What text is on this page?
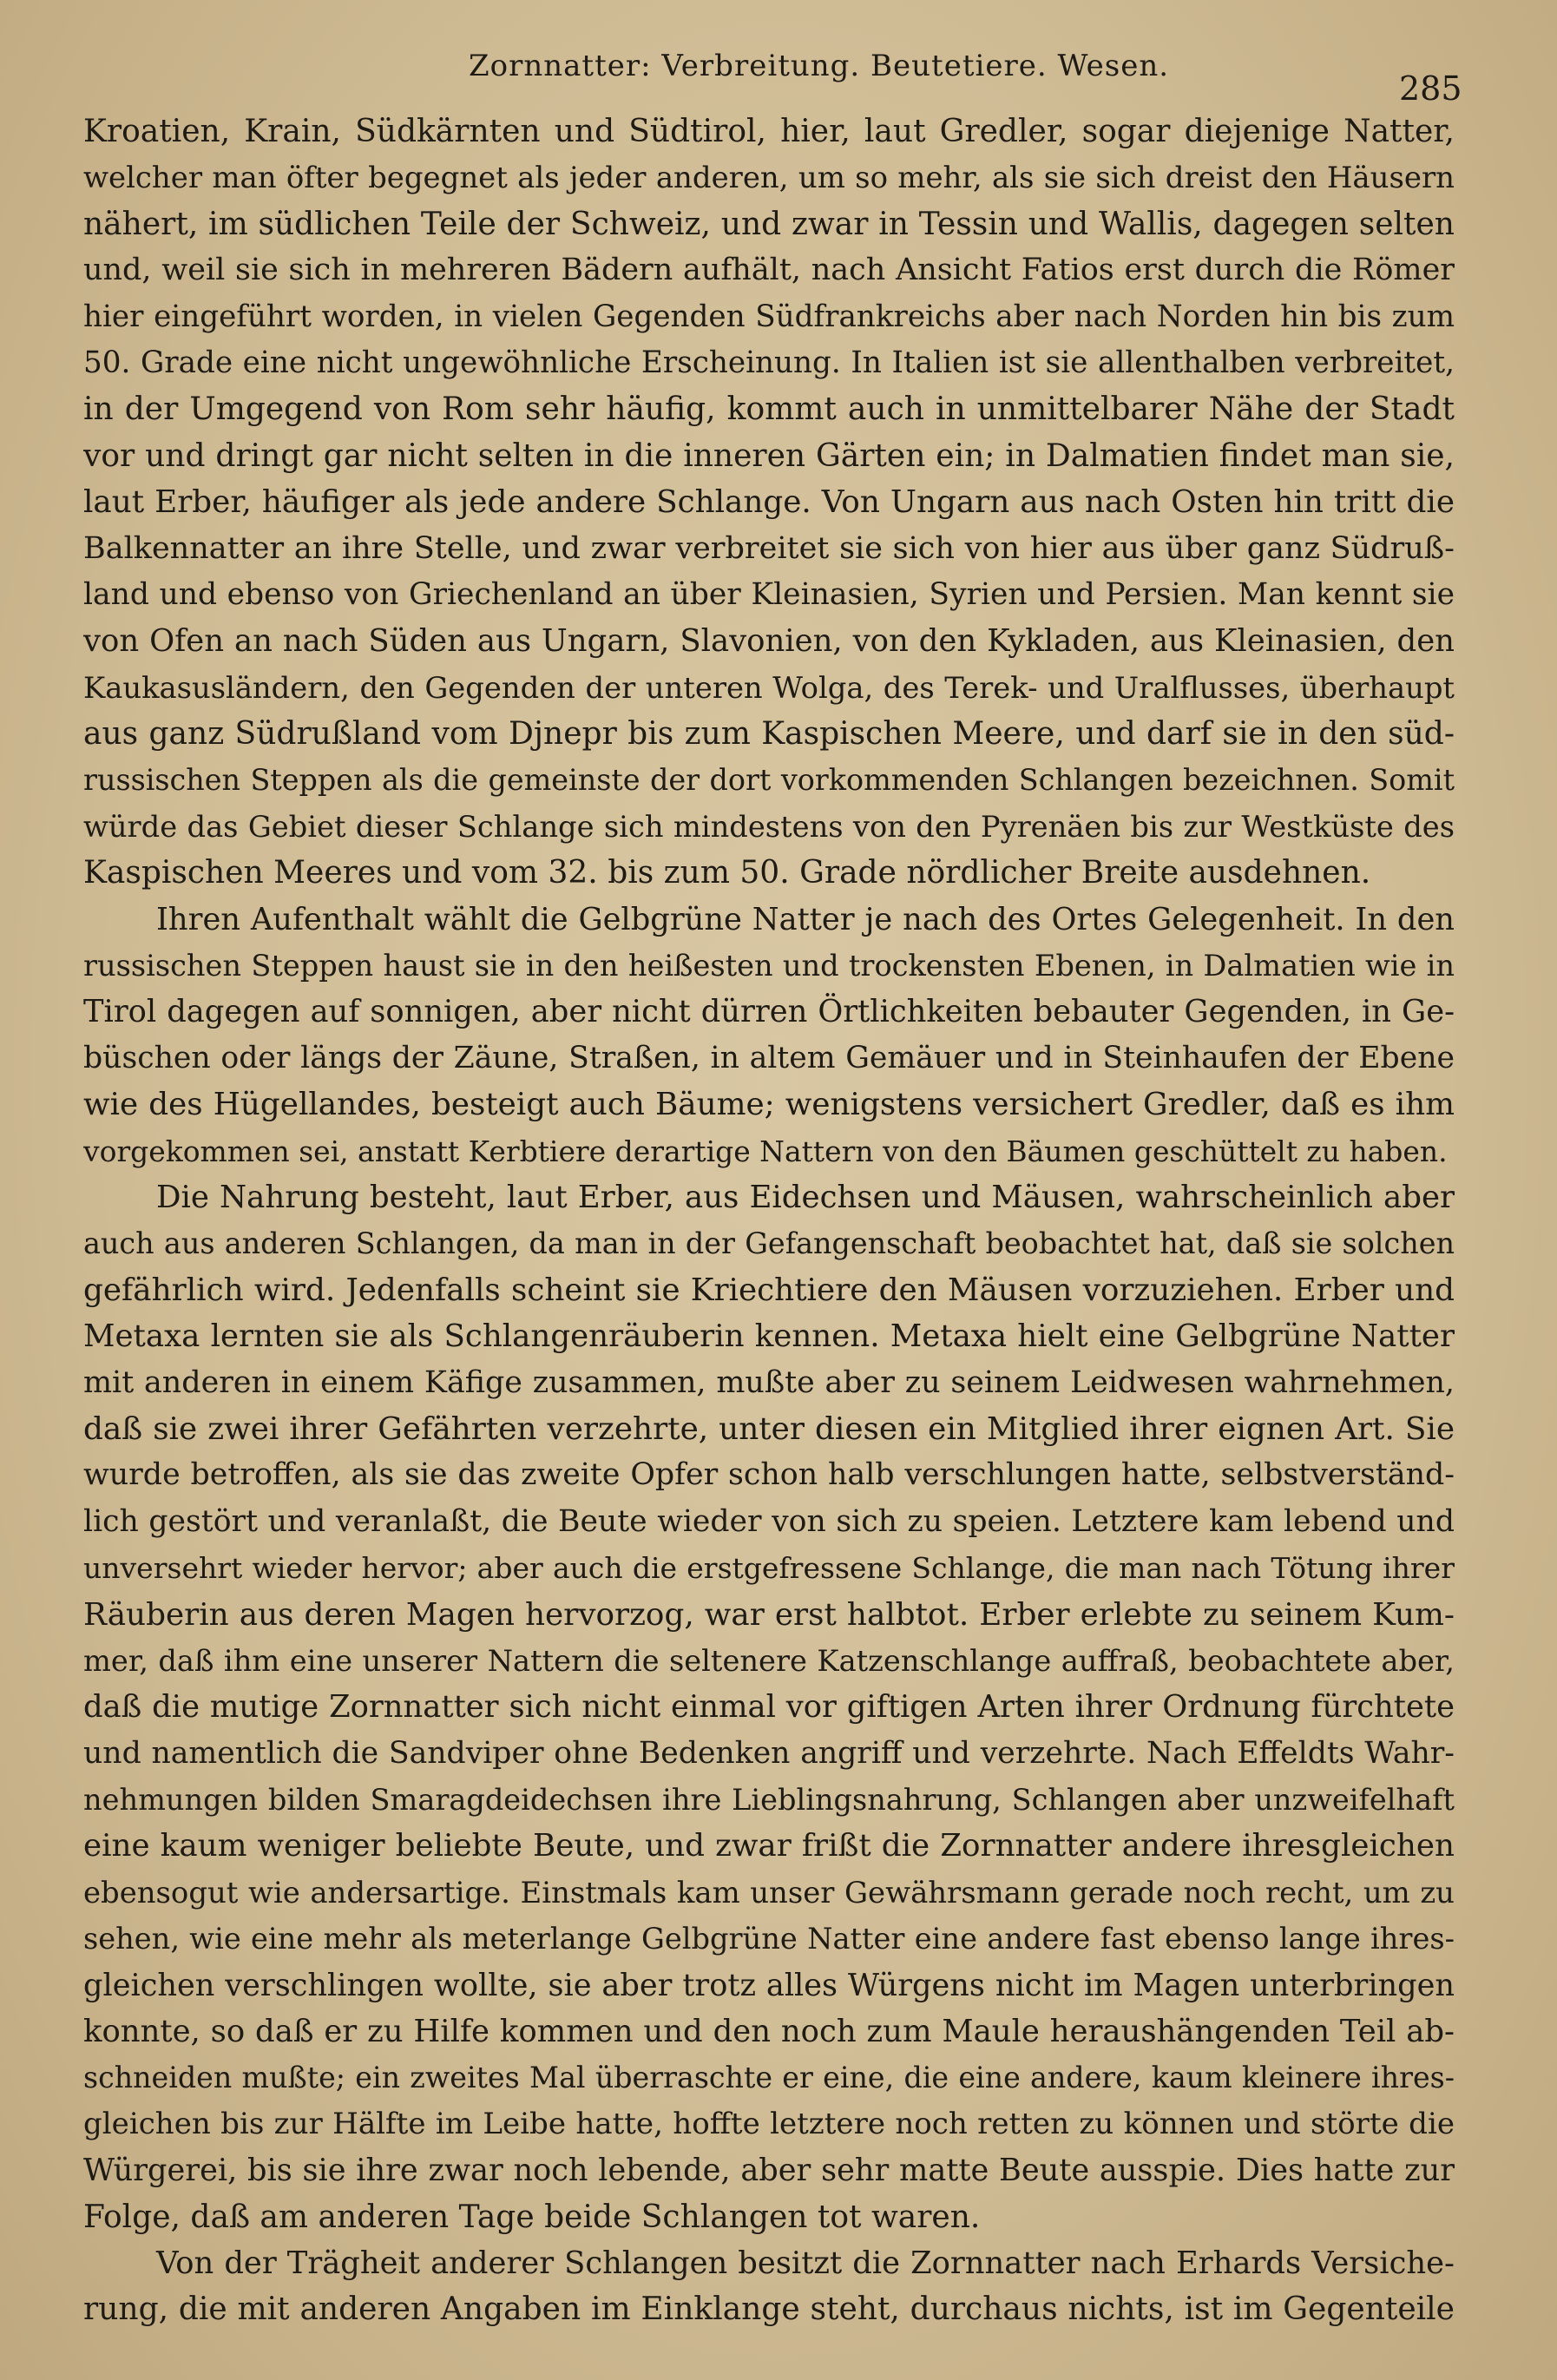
Zornnatter: Verbreitung. Beutetiere. Wesen.
285
Kroatien, Krain, Südkärnten und Südtirol, hier, laut Gredler, sogar diejenige Natter,
welcher man öfter begegnet als jeder anderen, um so mehr, als sie sich dreist den Häusern
nähert, im südlichen Teile der Schweiz, und zwar in Tessin und Wallis, dagegen selten
und, weil sie sich in mehreren Bädern aufhält, nach Ansicht Fatios erst durch die Römer
hier eingeführt worden, in vielen Gegenden Südfrankreichs aber nach Norden hin bis zum
50. Grade eine nicht ungewöhnliche Erscheinung. In Italien ist sie allenthalben verbreitet,
in der Umgegend von Rom sehr häufig, kommt auch in unmittelbarer Nähe der Stadt
vor und dringt gar nicht selten in die inneren Gärten ein; in Dalmatien findet man sie,
laut Erber, häufiger als jede andere Schlange. Von Ungarn aus nach Osten hin tritt die
Balkennatter an ihre Stelle, und zwar verbreitet sie sich von hier aus über ganz Südruß-
land und ebenso von Griechenland an über Kleinasien, Syrien und Persien. Man kennt sie
von Ofen an nach Süden aus Ungarn, Slavonien, von den Kykladen, aus Kleinasien, den
Kaukasusländern, den Gegenden der unteren Wolga, des Terek- und Uralflusses, überhaupt
aus ganz Südrußland vom Djnepr bis zum Kaspischen Meere, und darf sie in den süd-
russischen Steppen als die gemeinste der dort vorkommenden Schlangen bezeichnen. Somit
würde das Gebiet dieser Schlange sich mindestens von den Pyrenäen bis zur Westküste des
Kaspischen Meeres und vom 32. bis zum 50. Grade nördlicher Breite ausdehnen.
Ihren Aufenthalt wählt die Gelbgrüne Natter je nach des Ortes Gelegenheit. In den
russischen Steppen haust sie in den heißesten und trockensten Ebenen, in Dalmatien wie in
Tirol dagegen auf sonnigen, aber nicht dürren Örtlichkeiten bebauter Gegenden, in Ge-
büschen oder längs der Zäune, Straßen, in altem Gemäuer und in Steinhaufen der Ebene
wie des Hügellandes, besteigt auch Bäume; wenigstens versichert Gredler, daß es ihm
vorgekommen sei, anstatt Kerbtiere derartige Nattern von den Bäumen geschüttelt zu haben.
Die Nahrung besteht, laut Erber, aus Eidechsen und Mäusen, wahrscheinlich aber
auch aus anderen Schlangen, da man in der Gefangenschaft beobachtet hat, daß sie solchen
gefährlich wird. Jedenfalls scheint sie Kriechtiere den Mäusen vorzuziehen. Erber und
Metaxa lernten sie als Schlangenräuberin kennen. Metaxa hielt eine Gelbgrüne Natter
mit anderen in einem Käfige zusammen, mußte aber zu seinem Leidwesen wahrnehmen,
daß sie zwei ihrer Gefährten verzehrte, unter diesen ein Mitglied ihrer eignen Art. Sie
wurde betroffen, als sie das zweite Opfer schon halb verschlungen hatte, selbstverständ-
lich gestört und veranlaßt, die Beute wieder von sich zu speien. Letztere kam lebend und
unversehrt wieder hervor; aber auch die erstgefressene Schlange, die man nach Tötung ihrer
Räuberin aus deren Magen hervorzog, war erst halbtot. Erber erlebte zu seinem Kum-
mer, daß ihm eine unserer Nattern die seltenere Katzenschlange auffraß, beobachtete aber,
daß die mutige Zornnatter sich nicht einmal vor giftigen Arten ihrer Ordnung fürchtete
und namentlich die Sandviper ohne Bedenken angriff und verzehrte. Nach Effeldts Wahr-
nehmungen bilden Smaragdeidechsen ihre Lieblingsnahrung, Schlangen aber unzweifelhaft
eine kaum weniger beliebte Beute, und zwar frißt die Zornnatter andere ihresgleichen
ebensogut wie andersartige. Einstmals kam unser Gewährsmann gerade noch recht, um zu
sehen, wie eine mehr als meterlange Gelbgrüne Natter eine andere fast ebenso lange ihres-
gleichen verschlingen wollte, sie aber trotz alles Würgens nicht im Magen unterbringen
konnte, so daß er zu Hilfe kommen und den noch zum Maule heraushängenden Teil ab-
schneiden mußte; ein zweites Mal überraschte er eine, die eine andere, kaum kleinere ihres-
gleichen bis zur Hälfte im Leibe hatte, hoffte letztere noch retten zu können und störte die
Würgerei, bis sie ihre zwar noch lebende, aber sehr matte Beute ausspie. Dies hatte zur
Folge, daß am anderen Tage beide Schlangen tot waren.
Von der Trägheit anderer Schlangen besitzt die Zornnatter nach Erhards Versiche-
rung, die mit anderen Angaben im Einklange steht, durchaus nichts, ist im Gegenteile
